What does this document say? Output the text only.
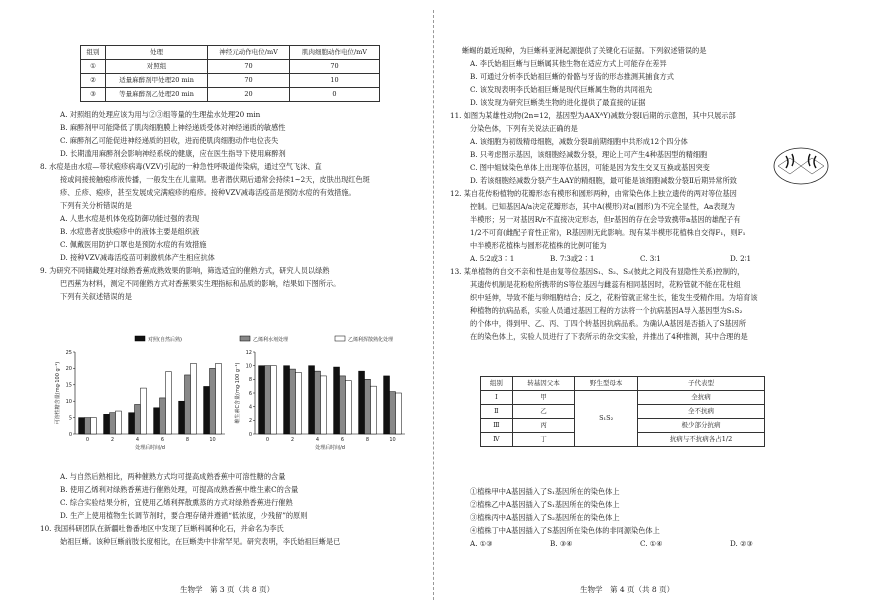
组别	处理	神经元动作电位/mV	肌肉细胞动作电位/mV
①	对照组	70	70
②	适量麻醉剂甲处理20 min	70	10
③	等量麻醉剂乙处理20 min	20	0

A. 对照组的处理应该为用与②③组等量的生理盐水处理20 min

B. 麻醉剂甲可能降低了肌肉细胞膜上神经递质受体对神经递质的敏感性

C. 麻醉剂乙可能促进神经递质的回收，进而使肌肉细胞动作电位丧失

D. 长期滥用麻醉剂会影响神经系统的健康，应在医生指导下使用麻醉剂

8. 水痘是由水痘—带状疱疹病毒(VZV)引起的一种急性呼吸道传染病，通过空气飞沫、直

接或间接接触疱疹液传播，一般发生在儿童期。患者潜伏期后通常会持续1~2天，皮肤出现红色斑

疹、丘疹、疱疹，甚至发展成完满疱疹的疱疹。接种VZV减毒活疫苗是预防水痘的有效措施。

下列有关分析错误的是

A. 人患水痘是机体免疫防御功能过强的表现

B. 水痘患者皮肤疱疹中的液体主要是组织液

C. 佩戴医用防护口罩也是预防水痘的有效措施

D. 接种VZV减毒活疫苗可刺激机体产生相应抗体

9. 为研究不同储藏处理对绿熟香蕉成熟效果的影响，筛选适宜的催熟方式，研究人员以绿熟

巴西蕉为材料，测定不同催熟方式对香蕉果实生理指标和品质的影响，结果如下图所示。

下列有关叙述错误的是

对照(自然后熟)	乙烯利水剂处理	乙烯利挥散熟化处理
0
5
10
15
20
25
0	2	4	6	8	10
处理后时间/d
可溶性糖含量(mg·100 g⁻¹)
0
2
4
6
8
10
12
0	2	4	6	8	10
处理后时间/d
维生素C含量(mg·100 g⁻¹)

A. 与自然后熟相比，两种催熟方式均可提高成熟香蕉中可溶性糖的含量

B. 使用乙烯利对绿熟香蕉进行催熟处理，可提高成熟香蕉中维生素C的含量

C. 综合实验结果分析，宜使用乙烯利挥散熏蒸的方式对绿熟香蕉进行催熟

D. 生产上使用植物生长调节剂时，要合理存储并遵循“低浓度，少残留”的原则

10. 我国科研团队在新疆吐鲁番地区中发现了巨蜥科属种化石，并命名为李氏

始祖巨蜥。该种巨蜥前肢长度相比，在巨蜥类中非常罕见。研究表明，李氏始祖巨蜥是已

生物学　第 3 页（共 8 页）

蜥蜴的最近现种，为巨蜥科亚洲起源提供了关键化石证据。下列叙述错误的是

A. 李氏始祖巨蜥与巨蜥属其他生物在适应方式上可能存在差异

B. 可通过分析李氏始祖巨蜥的骨骼与牙齿的形态推测其捕食方式

C. 该发现表明李氏始祖巨蜥是现代巨蜥属生物的共同祖先

D. 该发现为研究巨蜥类生物的进化提供了最直接的证据

11. 如图为某雄性动物(2n=12，基因型为AAXᴬY)减数分裂Ⅰ后期的示意图，其中只展示部

分染色体，下列有关说法正确的是

A. 该细胞为初级精母细胞，减数分裂Ⅱ前期细胞中共形成12个四分体

B. 只考虑图示基因，该细胞经减数分裂，理论上可产生4种基因型的精细胞

C. 图中姐妹染色单体上出现等位基因，可能是因为发生交叉互换或基因突变

D. 若该细胞经减数分裂产生AAY的精细胞，最可能是该细胞减数分裂Ⅱ后期异常所致

12. 某自花传粉植物的花瓣形态有模形和圆形两种，由常染色体上独立遗传的两对等位基因

控制。已知基因A/a决定花瓣形态，其中A(模形)对a(圆形)为不完全显性，Aa表现为

半模形；另一对基因R/r不直接决定形态，但r基因的存在会导致携带a基因的雄配子有

1/2不可育(雌配子育性正常)，R基因则无此影响。现有某半模形花植株自交得F₁，则F₁

中半模形花植株与圆形花植株的比例可能为

A. 5∶2或3∶1	B. 7∶3或2∶1	C. 3∶1	D. 2∶1

13. 某单植物的自交不亲和性是由复等位基因S₁、S₂、S₃(彼此之间没有显隐性关系)控制的，

其遗传机制是花粉粒所携带的S等位基因与雌蕊有相同基因时，花粉管就不能在花柱组

织中延伸，导致不能与卵细胞结合；反之，花粉管就正常生长，能发生受精作用。为培育该

种植物的抗病品系，实验人员通过基因工程的方法将一个抗病基因A导入基因型为S₁S₂

的个体中，得到甲、乙、丙、丁四个转基因抗病品系。为确认A基因是否插入了S基因所

在的染色体上，实验人员进行了下表所示的杂交实验，并推出了4种推测，其中合理的是

组别	转基因父本	野生型母本	子代表型
Ⅰ	甲	S₁S₂	全抗病
Ⅱ	乙		全不抗病
Ⅲ	丙		极少部分抗病
Ⅳ	丁		抗病与不抗病各占1/2

①植株甲中A基因插入了S₁基因所在的染色体上

②植株乙中A基因插入了S₁基因所在的染色体上

③植株丙中A基因插入了S₂基因所在的染色体上

④植株丁中A基因插入了S基因所在染色体的非同源染色体上

A. ①③	B. ③④	C. ①④	D. ②③

生物学　第 4 页（共 8 页）
